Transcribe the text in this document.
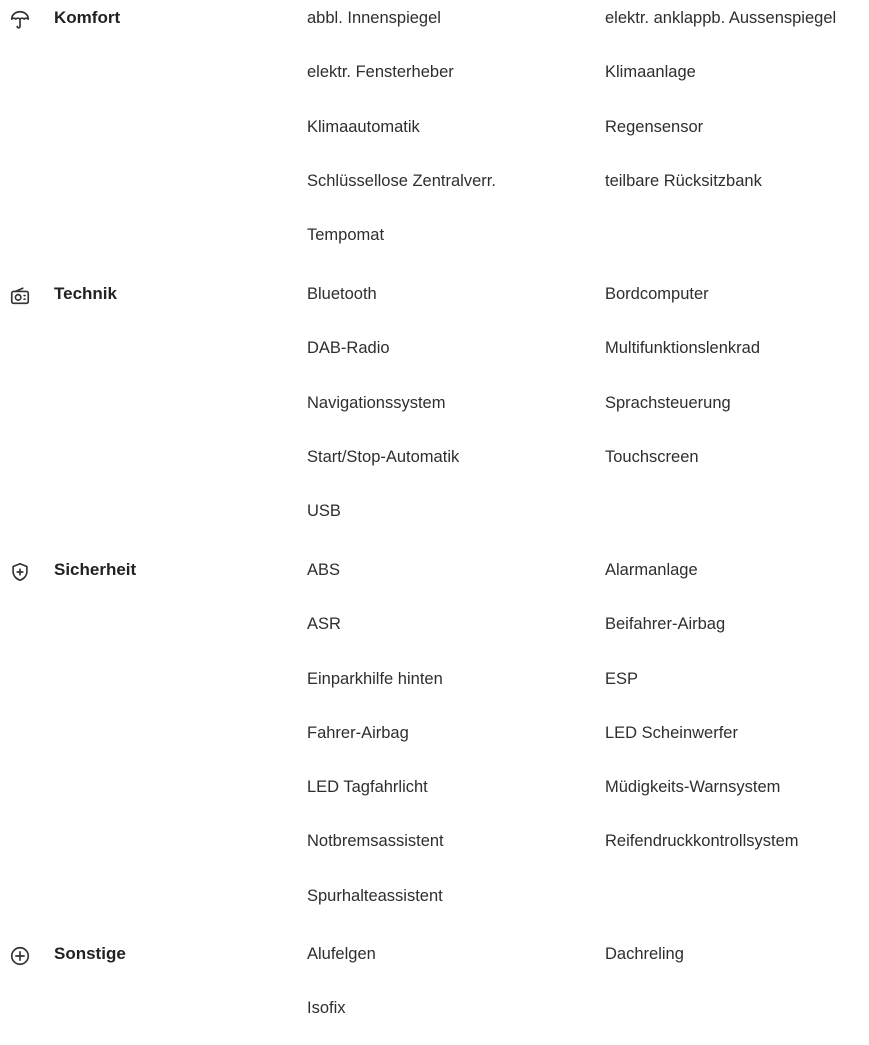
Komfort	abbl. Innenspiegel	elektr. anklappb. Aussenspiegel
elektr. Fensterheber	Klimaanlage
Klimaautomatik	Regensensor
Schlüssellose Zentralverr.	teilbare Rücksitzbank
Tempomat
Technik	Bluetooth	Bordcomputer
DAB-Radio	Multifunktionslenkrad
Navigationssystem	Sprachsteuerung
Start/Stop-Automatik	Touchscreen
USB
Sicherheit	ABS	Alarmanlage
ASR	Beifahrer-Airbag
Einparkhilfe hinten	ESP
Fahrer-Airbag	LED Scheinwerfer
LED Tagfahrlicht	Müdigkeits-Warnsystem
Notbremsassistent	Reifendruckkontrollsystem
Spurhalteassistent
Sonstige	Alufelgen	Dachreling
Isofix
